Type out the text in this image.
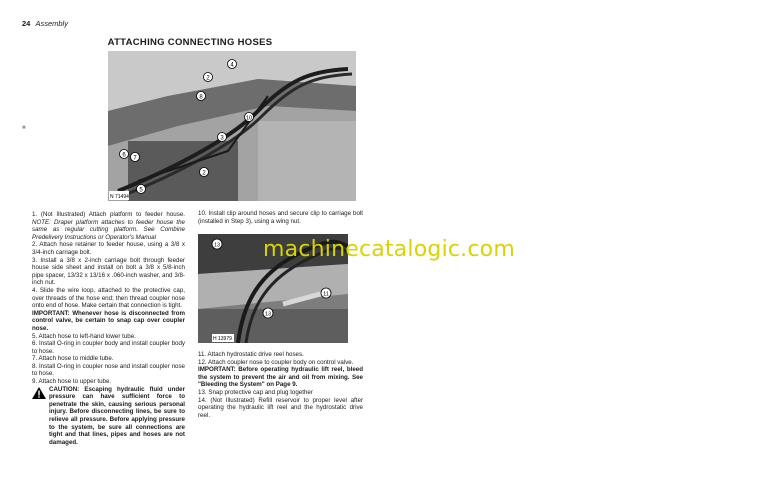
24 Assembly
■
ATTACHING CONNECTING HOSES
4
2
8
10
3
6 7
2
5
N 71494

1. (Not Illustrated) Attach platform to feeder house. NOTE: Draper platform attaches to feeder house the same as regular cutting platform. See Combine Predelivery Instructions or Operator's Manual

2. Attach hose retainer to feeder house, using a 3/8 x 3/4-inch carriage bolt.

3. Install a 3/8 x 2-inch carriage bolt through feeder house side sheet and install on bolt a 3/8 x 5/8-inch pipe spacer, 13/32 x 13/16 x .060-inch washer, and 3/8-inch nut.

4. Slide the wire loop, attached to the protective cap, over threads of the hose end; then thread coupler nose onto end of hose. Make certain that connection is tight.

IMPORTANT: Whenever hose is disconnected from control valve, be certain to snap cap over coupler nose.

5. Attach hose to left-hand lower tube.

6. Install O-ring in coupler body and install coupler body to hose.

7. Attach hose to middle tube.

8. Install O-ring in coupler nose and install coupler nose to hose.

9. Attach hose to upper tube.

CAUTION: Escaping hydraulic fluid under pressure can have sufficient force to penetrate the skin, causing serious personal injury. Before disconnecting lines, be sure to relieve all pressure. Before applying pressure to the system, be sure all connections are tight and that lines, pipes and hoses are not damaged.

10. Install clip around hoses and secure clip to carriage bolt (installed in Step 3), using a wing nut.

13
11
13
H 13979
machinecatalogic.com

11. Attach hydrostatic drive reel hoses.

12. Attach coupler nose to coupler body on control valve.

IMPORTANT: Before operating hydraulic lift reel, bleed the system to prevent the air and oil from mixing. See "Bleeding the System" on Page 9.

13. Snap protective cap and plug together

14. (Not Illustrated) Refill reservoir to proper level after operating the hydraulic lift reel and the hydrostatic drive reel.
